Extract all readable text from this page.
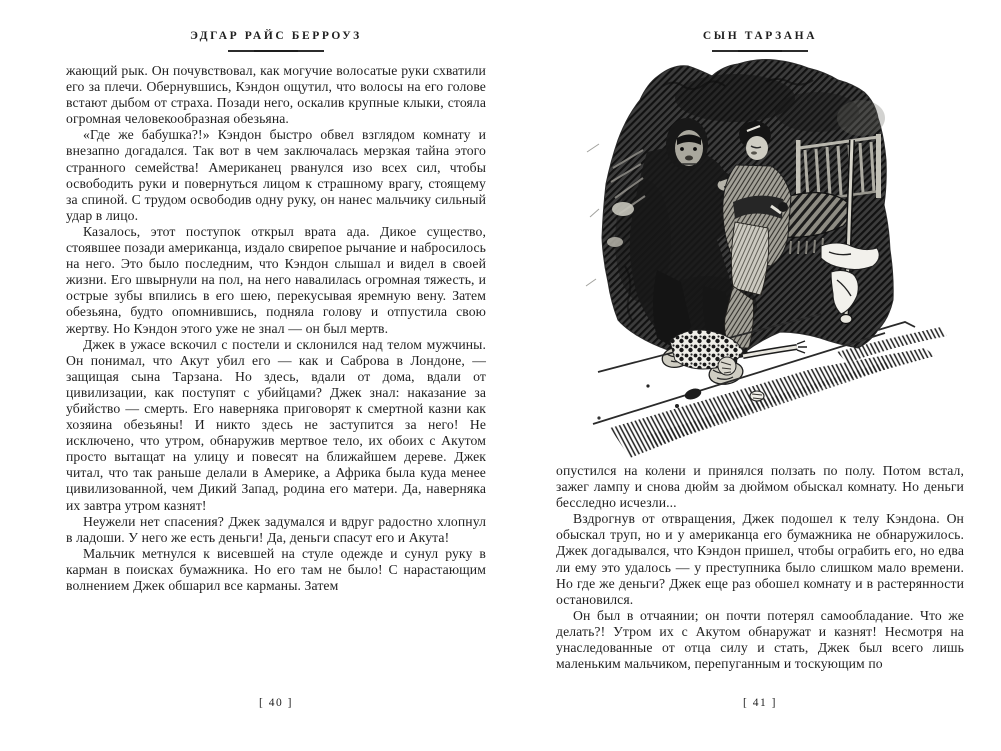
ЭДГАР РАЙС БЕРРОУЗ

жающий рык. Он почувствовал, как могучие волосатые руки схватили его за плечи. Обернувшись, Кэндон ощутил, что волосы на его голове встают дыбом от страха. Позади него, оскалив крупные клыки, стояла огромная человекообразная обезьяна.

«Где же бабушка?!» Кэндон быстро обвел взглядом комнату и внезапно догадался. Так вот в чем заключалась мерзкая тайна этого странного семейства! Американец рванулся изо всех сил, чтобы освободить руки и повернуться лицом к страшному врагу, стоящему за спиной. С трудом освободив одну руку, он нанес мальчику сильный удар в лицо.

Казалось, этот поступок открыл врата ада. Дикое существо, стоявшее позади американца, издало свирепое рычание и набросилось на него. Это было последним, что Кэндон слышал и видел в своей жизни. Его швырнули на пол, на него навалилась огромная тяжесть, и острые зубы впились в его шею, перекусывая яремную вену. Затем обезьяна, будто опомнившись, подняла голову и отпустила свою жертву. Но Кэндон этого уже не знал — он был мертв.

Джек в ужасе вскочил с постели и склонился над телом мужчины. Он понимал, что Акут убил его — как и Саброва в Лондоне, — защищая сына Тарзана. Но здесь, вдали от дома, вдали от цивилизации, как поступят с убийцами? Джек знал: наказание за убийство — смерть. Его наверняка приговорят к смертной казни как хозяина обезьяны! И никто здесь не заступится за него! Не исключено, что утром, обнаружив мертвое тело, их обоих с Акутом просто вытащат на улицу и повесят на ближайшем дереве. Джек читал, что так раньше делали в Америке, а Африка была куда менее цивилизованной, чем Дикий Запад, родина его матери. Да, наверняка их завтра утром казнят!

Неужели нет спасения? Джек задумался и вдруг радостно хлопнул в ладоши. У него же есть деньги! Да, деньги спасут его и Акута!

Мальчик метнулся к висевшей на стуле одежде и сунул руку в карман в поисках бумажника. Но его там не было! С нарастающим волнением Джек обшарил все карманы. Затем

[ 40 ]
СЫН ТАРЗАНА

опустился на колени и принялся ползать по полу. Потом встал, зажег лампу и снова дюйм за дюймом обыскал комнату. Но деньги бесследно исчезли...

Вздрогнув от отвращения, Джек подошел к телу Кэндона. Он обыскал труп, но и у американца его бумажника не обнаружилось. Джек догадывался, что Кэндон пришел, чтобы ограбить его, но едва ли ему это удалось — у преступника было слишком мало времени. Но где же деньги? Джек еще раз обошел комнату и в растерянности остановился.

Он был в отчаянии; он почти потерял самообладание. Что же делать?! Утром их с Акутом обнаружат и казнят! Несмотря на унаследованные от отца силу и стать, Джек был всего лишь маленьким мальчиком, перепуганным и тоскующим по

[ 41 ]
